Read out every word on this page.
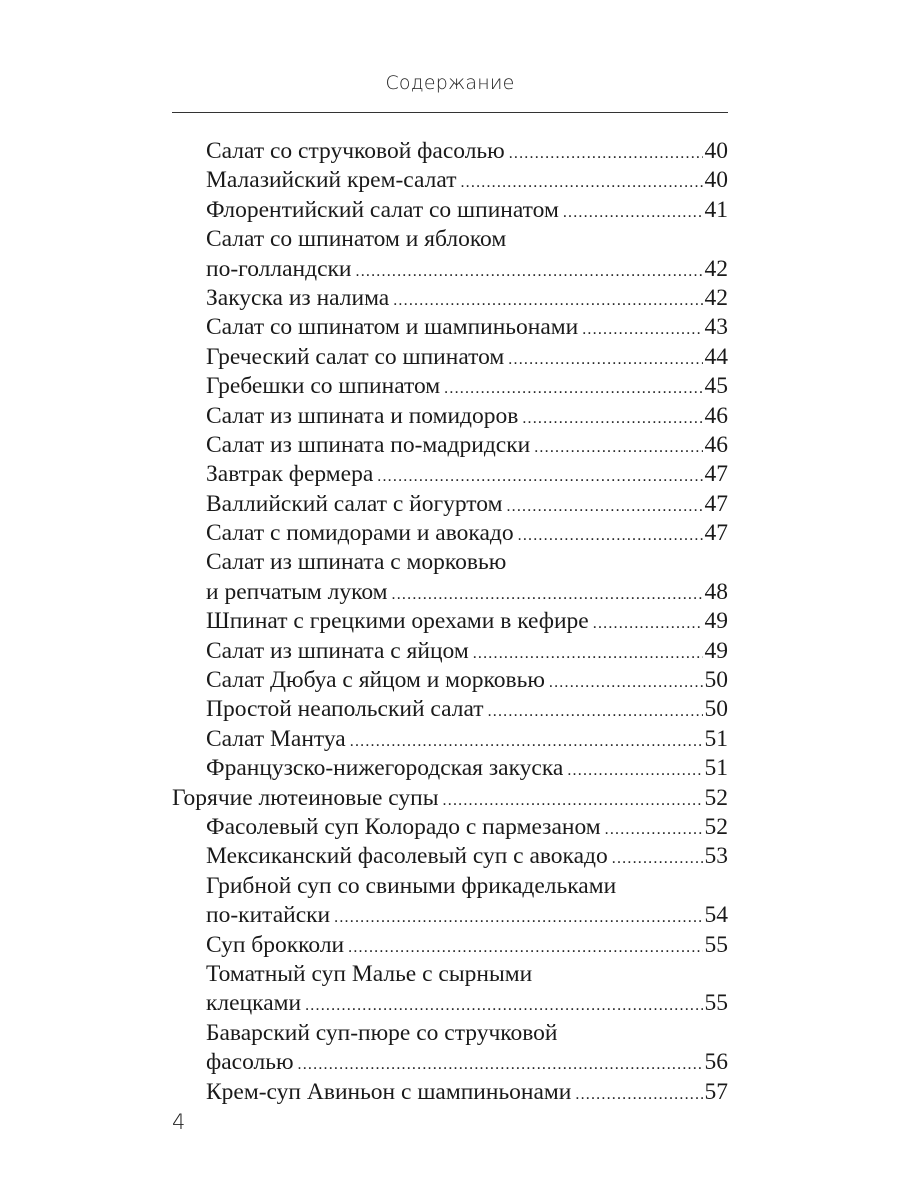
Содержание
Салат со стручковой фасолью .....	40
Малазийский крем-салат .....	40
Флорентийский салат со шпинатом .....	41
Салат со шпинатом и яблоком
по-голландски .....	42
Закуска из налима .....	42
Салат со шпинатом и шампиньонами .....	43
Греческий салат со шпинатом .....	44
Гребешки со шпинатом .....	45
Салат из шпината и помидоров .....	46
Салат из шпината по-мадридски .....	46
Завтрак фермера .....	47
Валлийский салат с йогуртом .....	47
Салат с помидорами и авокадо .....	47
Салат из шпината с морковью
и репчатым луком .....	48
Шпинат с грецкими орехами в кефире .....	49
Салат из шпината с яйцом .....	49
Салат Дюбуа с яйцом и морковью .....	50
Простой неапольский салат .....	50
Салат Мантуа .....	51
Французско-нижегородская закуска .....	51
Горячие лютеиновые супы .....	52
Фасолевый суп Колорадо с пармезаном .....	52
Мексиканский фасолевый суп с авокадо .....	53
Грибной суп со свиными фрикадельками
по-китайски .....	54
Суп брокколи .....	55
Томатный суп Малье с сырными
клецками .....	55
Баварский суп-пюре со стручковой
фасолью .....	56
Крем-суп Авиньон с шампиньонами .....	57
4
